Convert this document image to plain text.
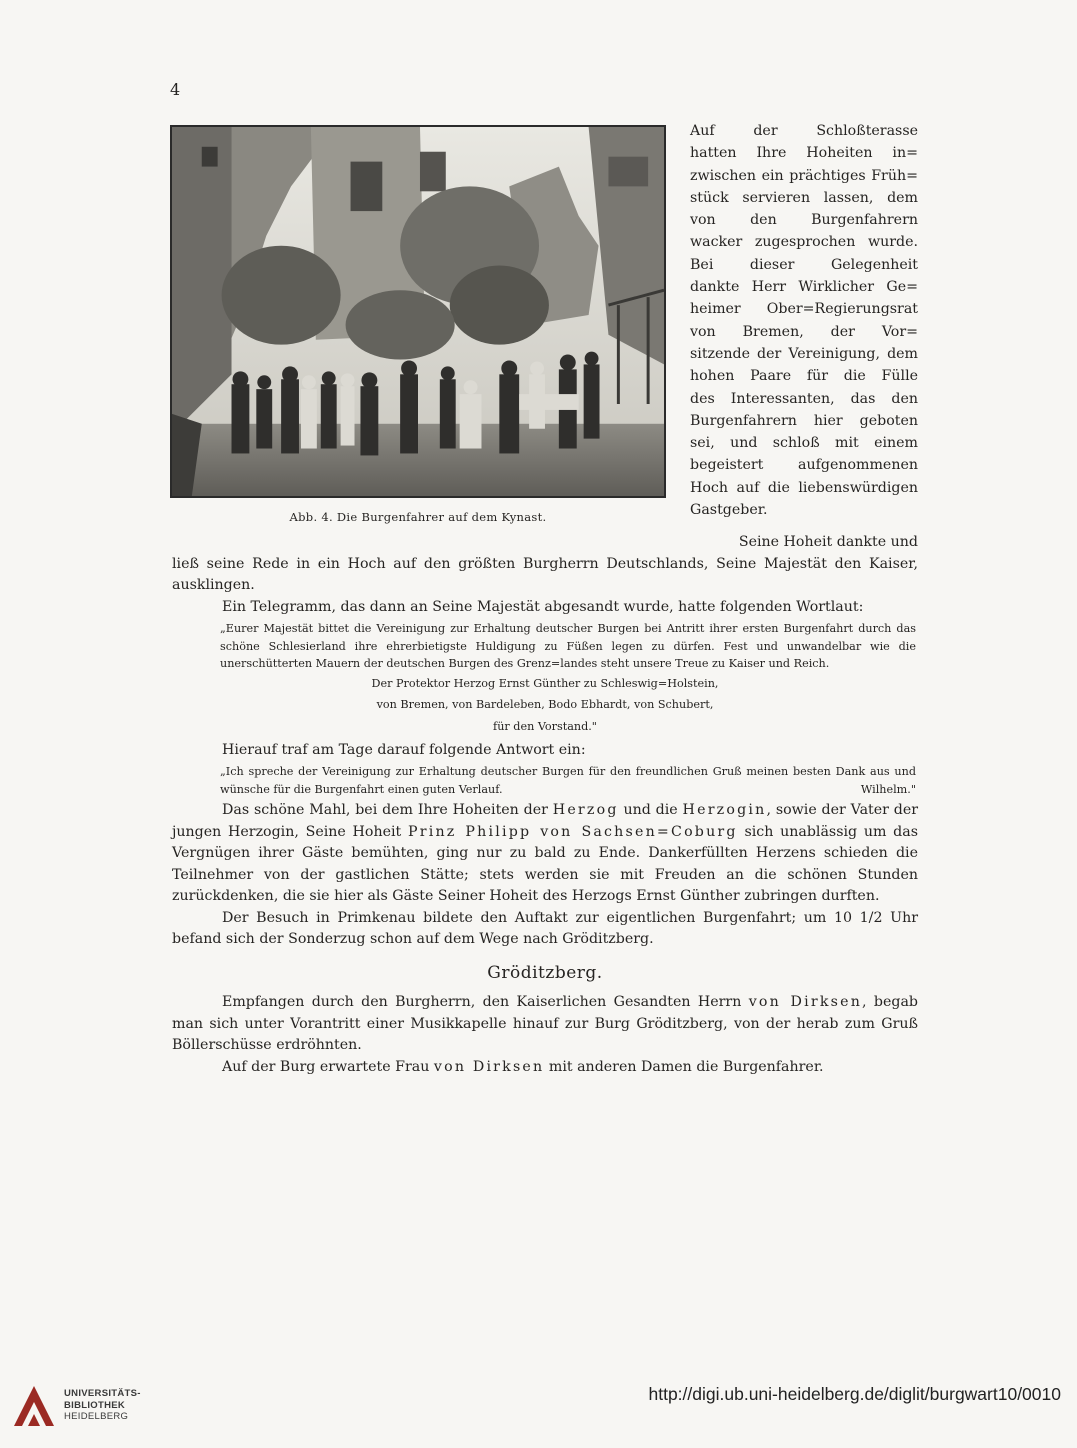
4
Abb. 4. Die Burgenfahrer auf dem Kynast.
Auf der Schloßterasse
hatten Ihre Hoheiten in=
zwischen ein prächtiges Früh=
stück servieren lassen, dem
von den Burgenfahrern
wacker zugesprochen wurde.
Bei dieser Gelegenheit
dankte Herr Wirklicher Ge=
heimer Ober=Regierungsrat
von Bremen, der Vor=
sitzende der Vereinigung, dem
hohen Paare für die Fülle
des Interessanten, das den
Burgenfahrern hier geboten
sei, und schloß mit einem
begeistert aufgenommenen
Hoch auf die liebenswürdigen
Gastgeber.

Seine Hoheit dankte und

ließ seine Rede in ein Hoch auf den größten Burgherrn Deutschlands, Seine Majestät den Kaiser, ausklingen.

Ein Telegramm, das dann an Seine Majestät abgesandt wurde, hatte folgenden Wortlaut:

„Eurer Majestät bittet die Vereinigung zur Erhaltung deutscher Burgen bei Antritt ihrer ersten Burgenfahrt durch das schöne Schlesierland ihre ehrerbietigste Huldigung zu Füßen legen zu dürfen. Fest und unwandelbar wie die unerschütterten Mauern der deutschen Burgen des Grenz=landes steht unsere Treue zu Kaiser und Reich.
Der Protektor Herzog Ernst Günther zu Schleswig=Holstein,
von Bremen, von Bardeleben, Bodo Ebhardt, von Schubert,
für den Vorstand."

Hierauf traf am Tage darauf folgende Antwort ein:

„Ich spreche der Vereinigung zur Erhaltung deutscher Burgen für den freundlichen Gruß meinen besten Dank aus und wünsche für die Burgenfahrt einen guten Verlauf.	Wilhelm."

Das schöne Mahl, bei dem Ihre Hoheiten der Herzog und die Herzogin, sowie der Vater der jungen Herzogin, Seine Hoheit Prinz Philipp von Sachsen=Coburg sich unablässig um das Vergnügen ihrer Gäste bemühten, ging nur zu bald zu Ende. Dankerfüllten Herzens schieden die Teilnehmer von der gastlichen Stätte; stets werden sie mit Freuden an die schönen Stunden zurückdenken, die sie hier als Gäste Seiner Hoheit des Herzogs Ernst Günther zubringen durften.

Der Besuch in Primkenau bildete den Auftakt zur eigentlichen Burgenfahrt; um 10 1/2 Uhr befand sich der Sonderzug schon auf dem Wege nach Gröditzberg.

Gröditzberg.

Empfangen durch den Burgherrn, den Kaiserlichen Gesandten Herrn von Dirksen, begab man sich unter Vorantritt einer Musikkapelle hinauf zur Burg Gröditzberg, von der herab zum Gruß Böllerschüsse erdröhnten.

Auf der Burg erwartete Frau von Dirksen mit anderen Damen die Burgenfahrer.

UNIVERSITÄTS-
BIBLIOTHEK
HEIDELBERG
http://digi.ub.uni-heidelberg.de/diglit/burgwart10/0010
